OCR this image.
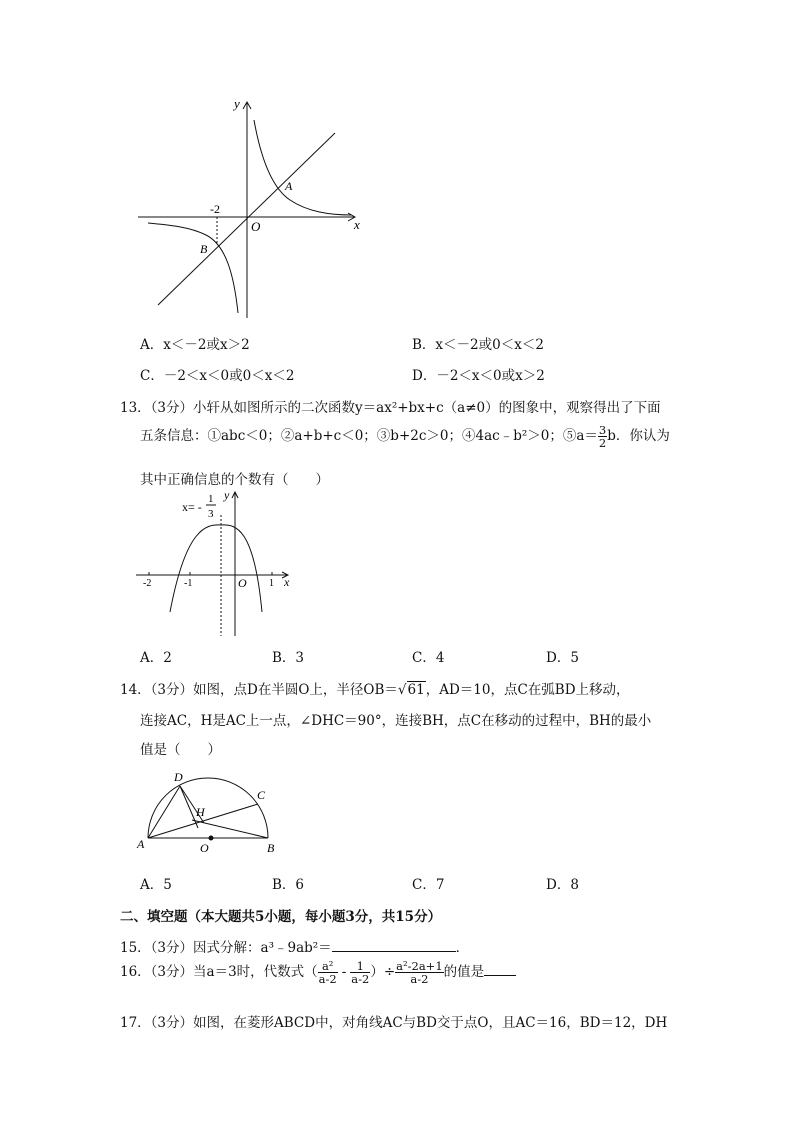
y
x
O
A
B
-2
A．x＜－2或x＞2	B．x＜－2或0＜x＜2
C．－2＜x＜0或0＜x＜2	D．－2＜x＜0或x＞2
13．（3分）小轩从如图所示的二次函数y＝ax²+bx+c（a≠0）的图象中，观察得出了下面
五条信息：①abc＜0；②a+b+c＜0；③b+2c＞0；④4ac﹣b²＞0；⑤a＝ $\frac{3}{2}$ b．你认为
其中正确信息的个数有（　　）
x= -
1
3
y
x
O
-2	-1	1
A．2	B．3	C．4	D．5
14．（3分）如图，点D在半圆O上，半径OB＝√61，AD＝10，点C在弧BD上移动，
连接AC，H是AC上一点，∠DHC＝90°，连接BH，点C在移动的过程中，BH的最小
值是（　　）
D
C
H
A	O	B
A．5	B．6	C．7	D．8
二、填空题（本大题共5小题，每小题3分，共15分）
15．（3分）因式分解：a³﹣9ab²＝	．
16．（3分）当a＝3时，代数式（ $\frac{\text{a²}}{a-2} - \frac{1}{a-2}$ ）÷ $\frac{\text{a²-2a+1}}{a-2}$ 的值是
17．（3分）如图，在菱形ABCD中，对角线AC与BD交于点O，且AC＝16，BD＝12，DH
